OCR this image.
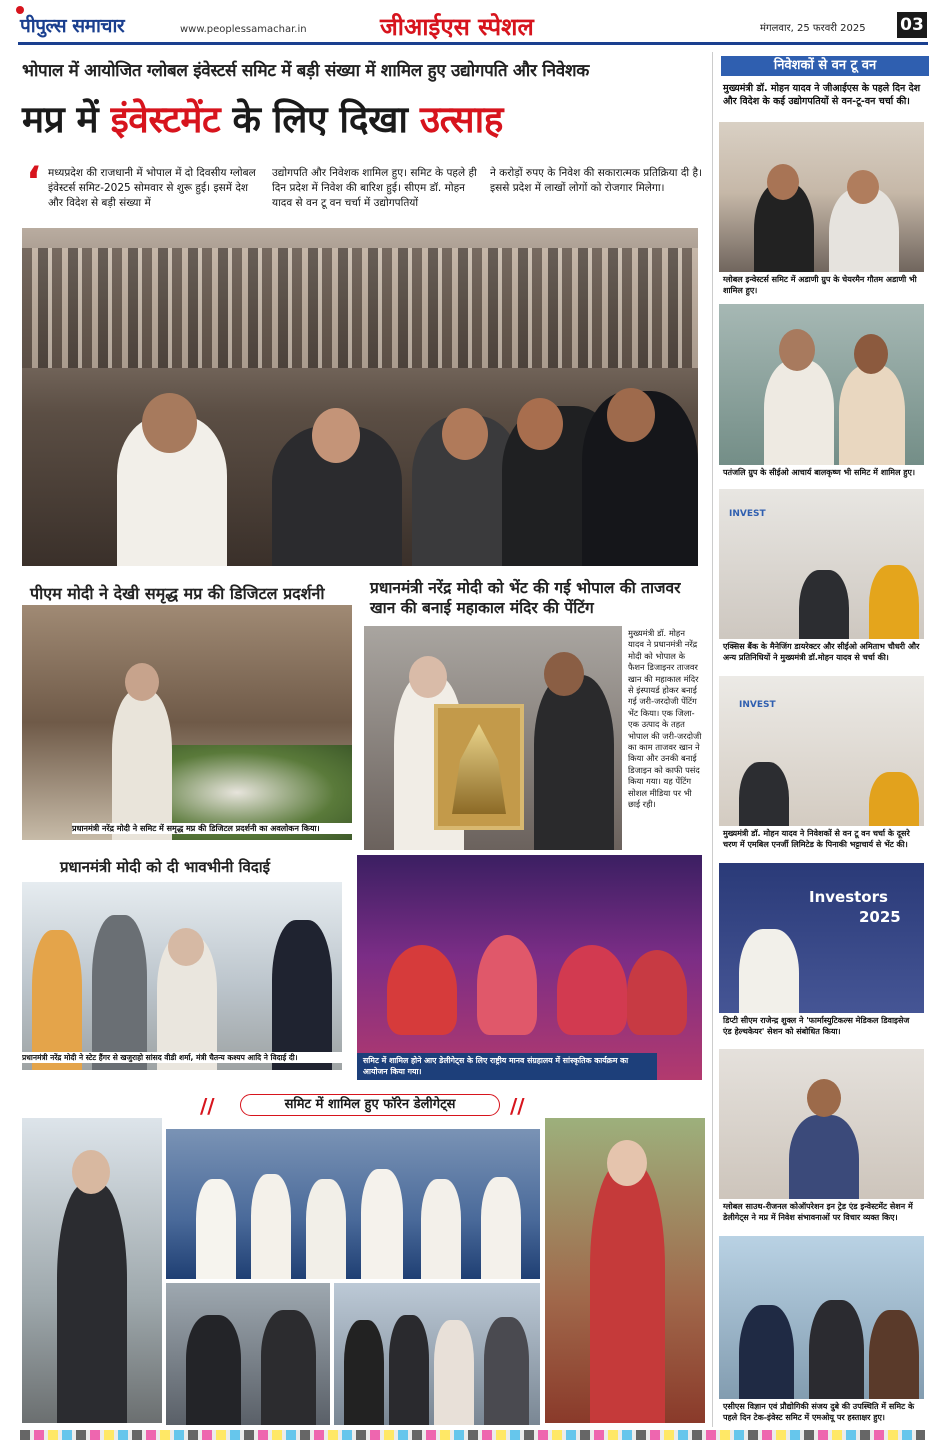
पीपुल्स समाचार	www.peoplessamachar.in	जीआईएस स्पेशल	मंगलवार, 25 फरवरी 2025 03
भोपाल में आयोजित ग्लोबल इंवेस्टर्स समिट में बड़ी संख्या में शामिल हुए उद्योगपति और निवेशक
मप्र में इंवेस्टमेंट के लिए दिखा उत्साह
‘ मध्यप्रदेश की राजधानी में भोपाल में दो दिवसीय ग्लोबल इंवेस्टर्स समिट-2025 सोमवार से शुरू हुई। इसमें देश और विदेश से बड़ी संख्या में
उद्योगपति और निवेशक शामिल हुए। समिट के पहले ही दिन प्रदेश में निवेश की बारिश हुई। सीएम डॉ. मोहन यादव से वन टू वन चर्चा में उद्योगपतियों
ने करोड़ों रुपए के निवेश की सकारात्मक प्रतिक्रिया दी है। इससे प्रदेश में लाखों लोगों को रोजगार मिलेगा।
निवेशकों से वन टू वन
मुख्यमंत्री डॉ. मोहन यादव ने जीआईएस के पहले दिन देश और विदेश के कई उद्योगपतियों से वन-टू-वन चर्चा की।
ग्लोबल इन्वेस्टर्स समिट में अडाणी ग्रुप के चेयरमैन गौतम अडाणी भी शामिल हुए।
पतंजलि ग्रुप के सीईओ आचार्य बालकृष्ण भी समिट में शामिल हुए।
INVEST
एक्सिस बैंक के मैनेजिंग डायरेक्टर और सीईओ अमिताभ चौधरी और अन्य प्रतिनिधियों ने मुख्यमंत्री डॉ.मोहन यादव से चर्चा की।
INVEST
मुख्यमंत्री डॉ. मोहन यादव ने निवेशकों से वन टू वन चर्चा के दूसरे चरण में एमबिल एनर्जी लिमिटेड के पिनाकी भट्टाचार्य से भेंट की।
Investors
2025
डिप्टी सीएम राजेन्द्र शुक्ल ने 'फार्मास्युटिकल्स मेडिकल डिवाइसेज एंड हेल्थकेयर' सेशन को संबोधित किया।
ग्लोबल साउथ-रीजनल कोऑपरेशन इन ट्रेड एंड इन्वेस्टमेंट सेशन में डेलीगेट्स ने मप्र में निवेश संभावनाओं पर विचार व्यक्त किए।
एसीएस विज्ञान एवं प्रौद्योगिकी संजय दुबे की उपस्थिति में समिट के पहले दिन टेक-इंवेस्ट समिट में एमओयू पर हस्ताक्षर हुए।
पीएम मोदी ने देखी समृद्ध मप्र की डिजिटल प्रदर्शनी
प्रधानमंत्री नरेंद्र मोदी ने समिट में समृद्ध मप्र की डिजिटल प्रदर्शनी का अवलोकन किया।
प्रधानमंत्री नरेंद्र मोदी को भेंट की गई भोपाल की ताजवर खान की बनाई महाकाल मंदिर की पेंटिंग
मुख्यमंत्री डॉ. मोहन यादव ने प्रधानमंत्री नरेंद्र मोदी को भोपाल के फैशन डिजाइनर ताजवर खान की महाकाल मंदिर से इंस्पायर्ड होकर बनाई गई जरी-जरदोजी पेंटिंग भेंट किया। एक जिला-एक उत्पाद के तहत भोपाल की जरी-जरदोजी का काम ताजवर खान ने किया और उनकी बनाई डिजाइन को काफी पसंद किया गया। यह पेंटिंग सोशल मीडिया पर भी छाई रही।
प्रधानमंत्री मोदी को दी भावभीनी विदाई
प्रधानमंत्री नरेंद्र मोदी ने स्टेट हैंगर से खजुराहो सांसद वीडी शर्मा, मंत्री चैतन्य कश्यप आदि ने विदाई दी।	समिट में शामिल होने आए डेलीगेट्स के लिए राष्ट्रीय मानव संग्रहालय में सांस्कृतिक कार्यक्रम का आयोजन किया गया।
//	समिट में शामिल हुए फॉरेन डेलीगेट्स	//
